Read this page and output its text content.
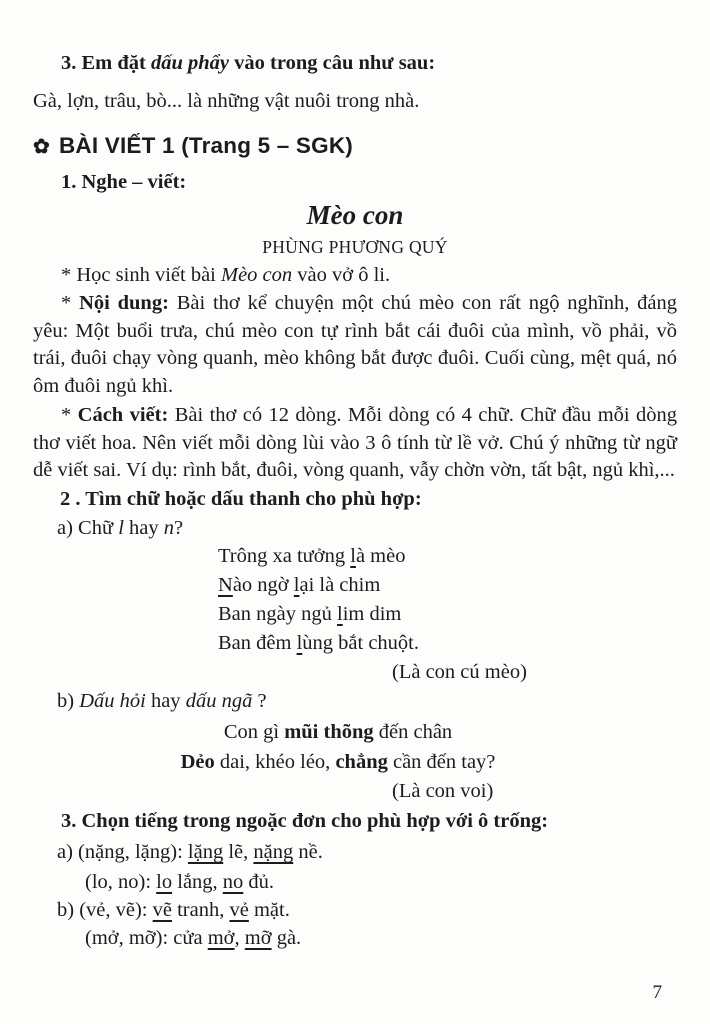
3. Em đặt dấu phẩy vào trong câu như sau:

Gà, lợn, trâu, bò... là những vật nuôi trong nhà.

✿ BÀI VIẾT 1 (Trang 5 – SGK)

1. Nghe – viết:

Mèo con

PHÙNG PHƯƠNG QUÝ

* Học sinh viết bài Mèo con vào vở ô li.

* Nội dung: Bài thơ kể chuyện một chú mèo con rất ngộ nghĩnh, đáng yêu: Một buổi trưa, chú mèo con tự rình bắt cái đuôi của mình, vồ phải, vồ trái, đuôi chạy vòng quanh, mèo không bắt được đuôi. Cuối cùng, mệt quá, nó ôm đuôi ngủ khì.

* Cách viết: Bài thơ có 12 dòng. Mỗi dòng có 4 chữ. Chữ đầu mỗi dòng thơ viết hoa. Nên viết mỗi dòng lùi vào 3 ô tính từ lề vở. Chú ý những từ ngữ dễ viết sai. Ví dụ: rình bắt, đuôi, vòng quanh, vẫy chờn vờn, tất bật, ngủ khì,...

2 . Tìm chữ hoặc dấu thanh cho phù hợp:

a) Chữ l hay n?

Trông xa tưởng là mèo

Nào ngờ lại là chim

Ban ngày ngủ lim dim

Ban đêm lùng bắt chuột.

(Là con cú mèo)

b) Dấu hỏi hay dấu ngã ?

Con gì mũi thõng đến chân

Dẻo dai, khéo léo, chẳng cần đến tay?

(Là con voi)

3. Chọn tiếng trong ngoặc đơn cho phù hợp với ô trống:

a) (nặng, lặng): lặng lẽ, nặng nề.

(lo, no): lo lắng, no đủ.

b) (vẻ, vẽ): vẽ tranh, vẻ mặt.

(mở, mỡ): cửa mở, mỡ gà.

7
